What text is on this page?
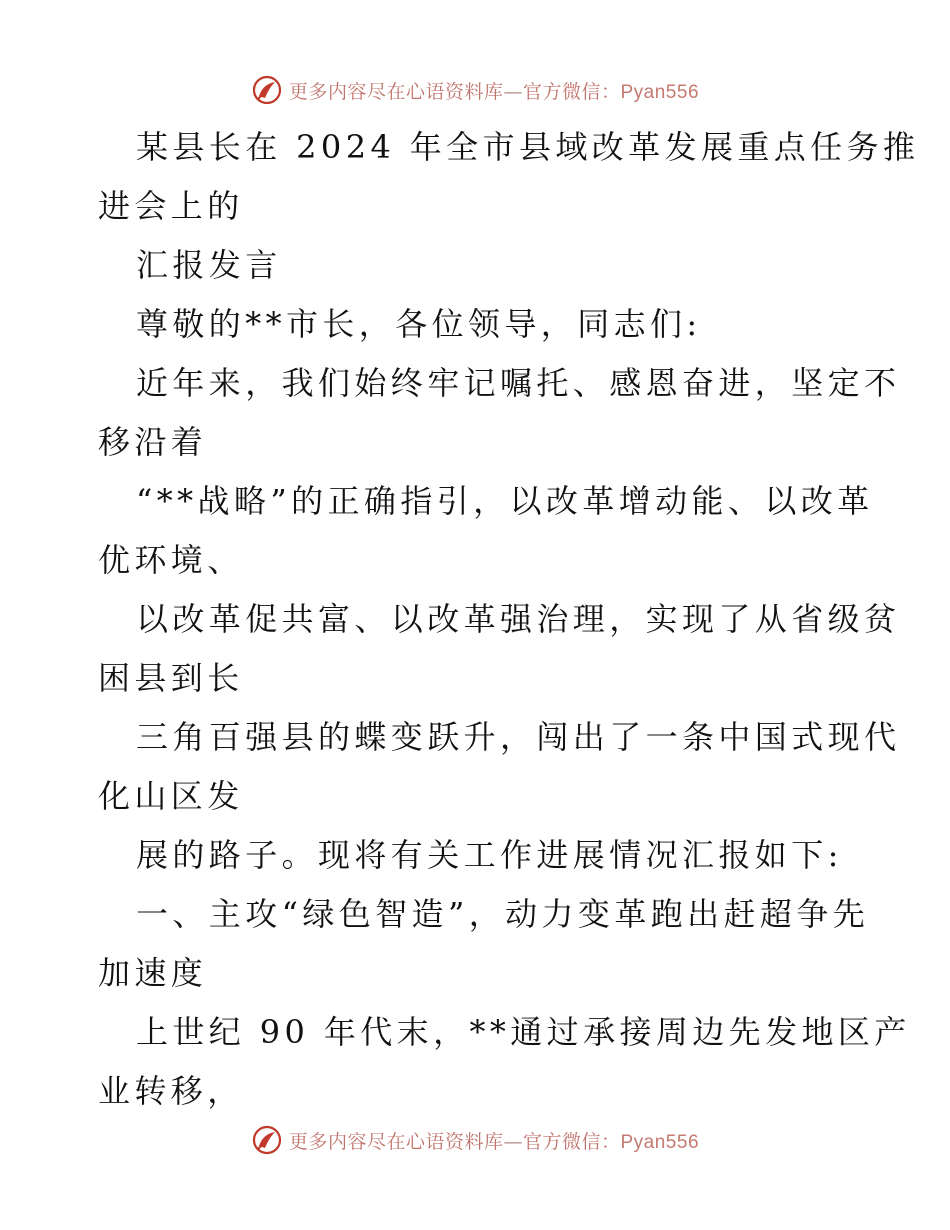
更多内容尽在心语资料库—官方微信：Pyan556
某县长在 2024 年全市县域改革发展重点任务推
进会上的
汇报发言
尊敬的**市长，各位领导，同志们:
近年来，我们始终牢记嘱托、感恩奋进，坚定不
移沿着
“**战略”的正确指引，以改革增动能、以改革
优环境、
以改革促共富、以改革强治理，实现了从省级贫
困县到长
三角百强县的蝶变跃升，闯出了一条中国式现代
化山区发
展的路子。现将有关工作进展情况汇报如下:
一、主攻“绿色智造”，动力变革跑出赶超争先
加速度
上世纪 90 年代末，**通过承接周边先发地区产
业转移，
更多内容尽在心语资料库—官方微信：Pyan556
